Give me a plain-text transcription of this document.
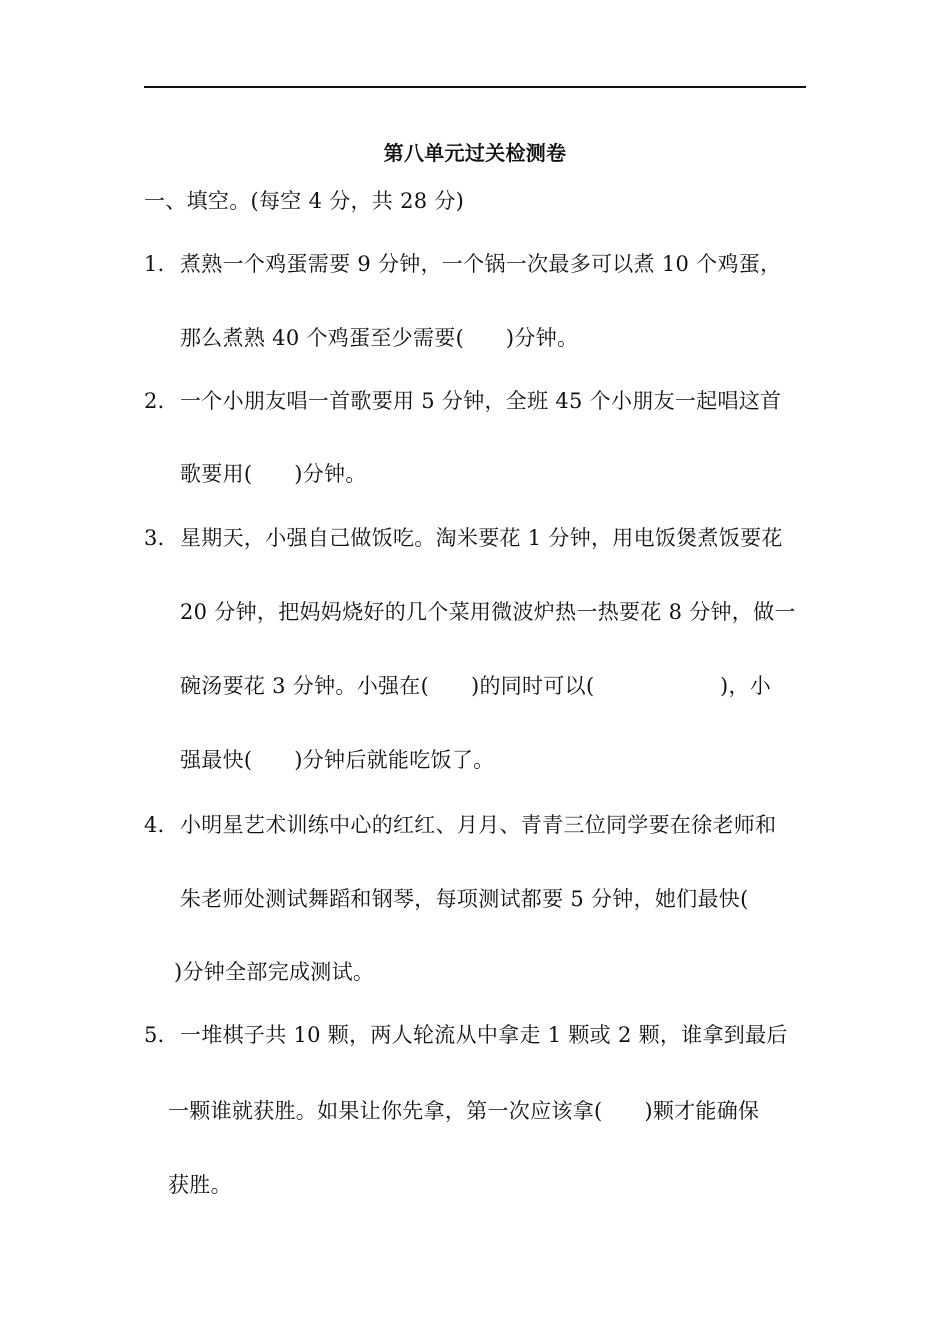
第八单元过关检测卷
一、填空。(每空 4 分，共 28 分)
1．煮熟一个鸡蛋需要 9 分钟，一个锅一次最多可以煮 10 个鸡蛋，
那么煮熟 40 个鸡蛋至少需要(      )分钟。
2．一个小朋友唱一首歌要用 5 分钟，全班 45 个小朋友一起唱这首
歌要用(      )分钟。
3．星期天，小强自己做饭吃。淘米要花 1 分钟，用电饭煲煮饭要花
20 分钟，把妈妈烧好的几个菜用微波炉热一热要花 8 分钟，做一
碗汤要花 3 分钟。小强在(      )的同时可以(                  )，小
强最快(      )分钟后就能吃饭了。
4．小明星艺术训练中心的红红、月月、青青三位同学要在徐老师和
朱老师处测试舞蹈和钢琴，每项测试都要 5 分钟，她们最快(
)分钟全部完成测试。
5．一堆棋子共 10 颗，两人轮流从中拿走 1 颗或 2 颗，谁拿到最后
一颗谁就获胜。如果让你先拿，第一次应该拿(      )颗才能确保
获胜。
